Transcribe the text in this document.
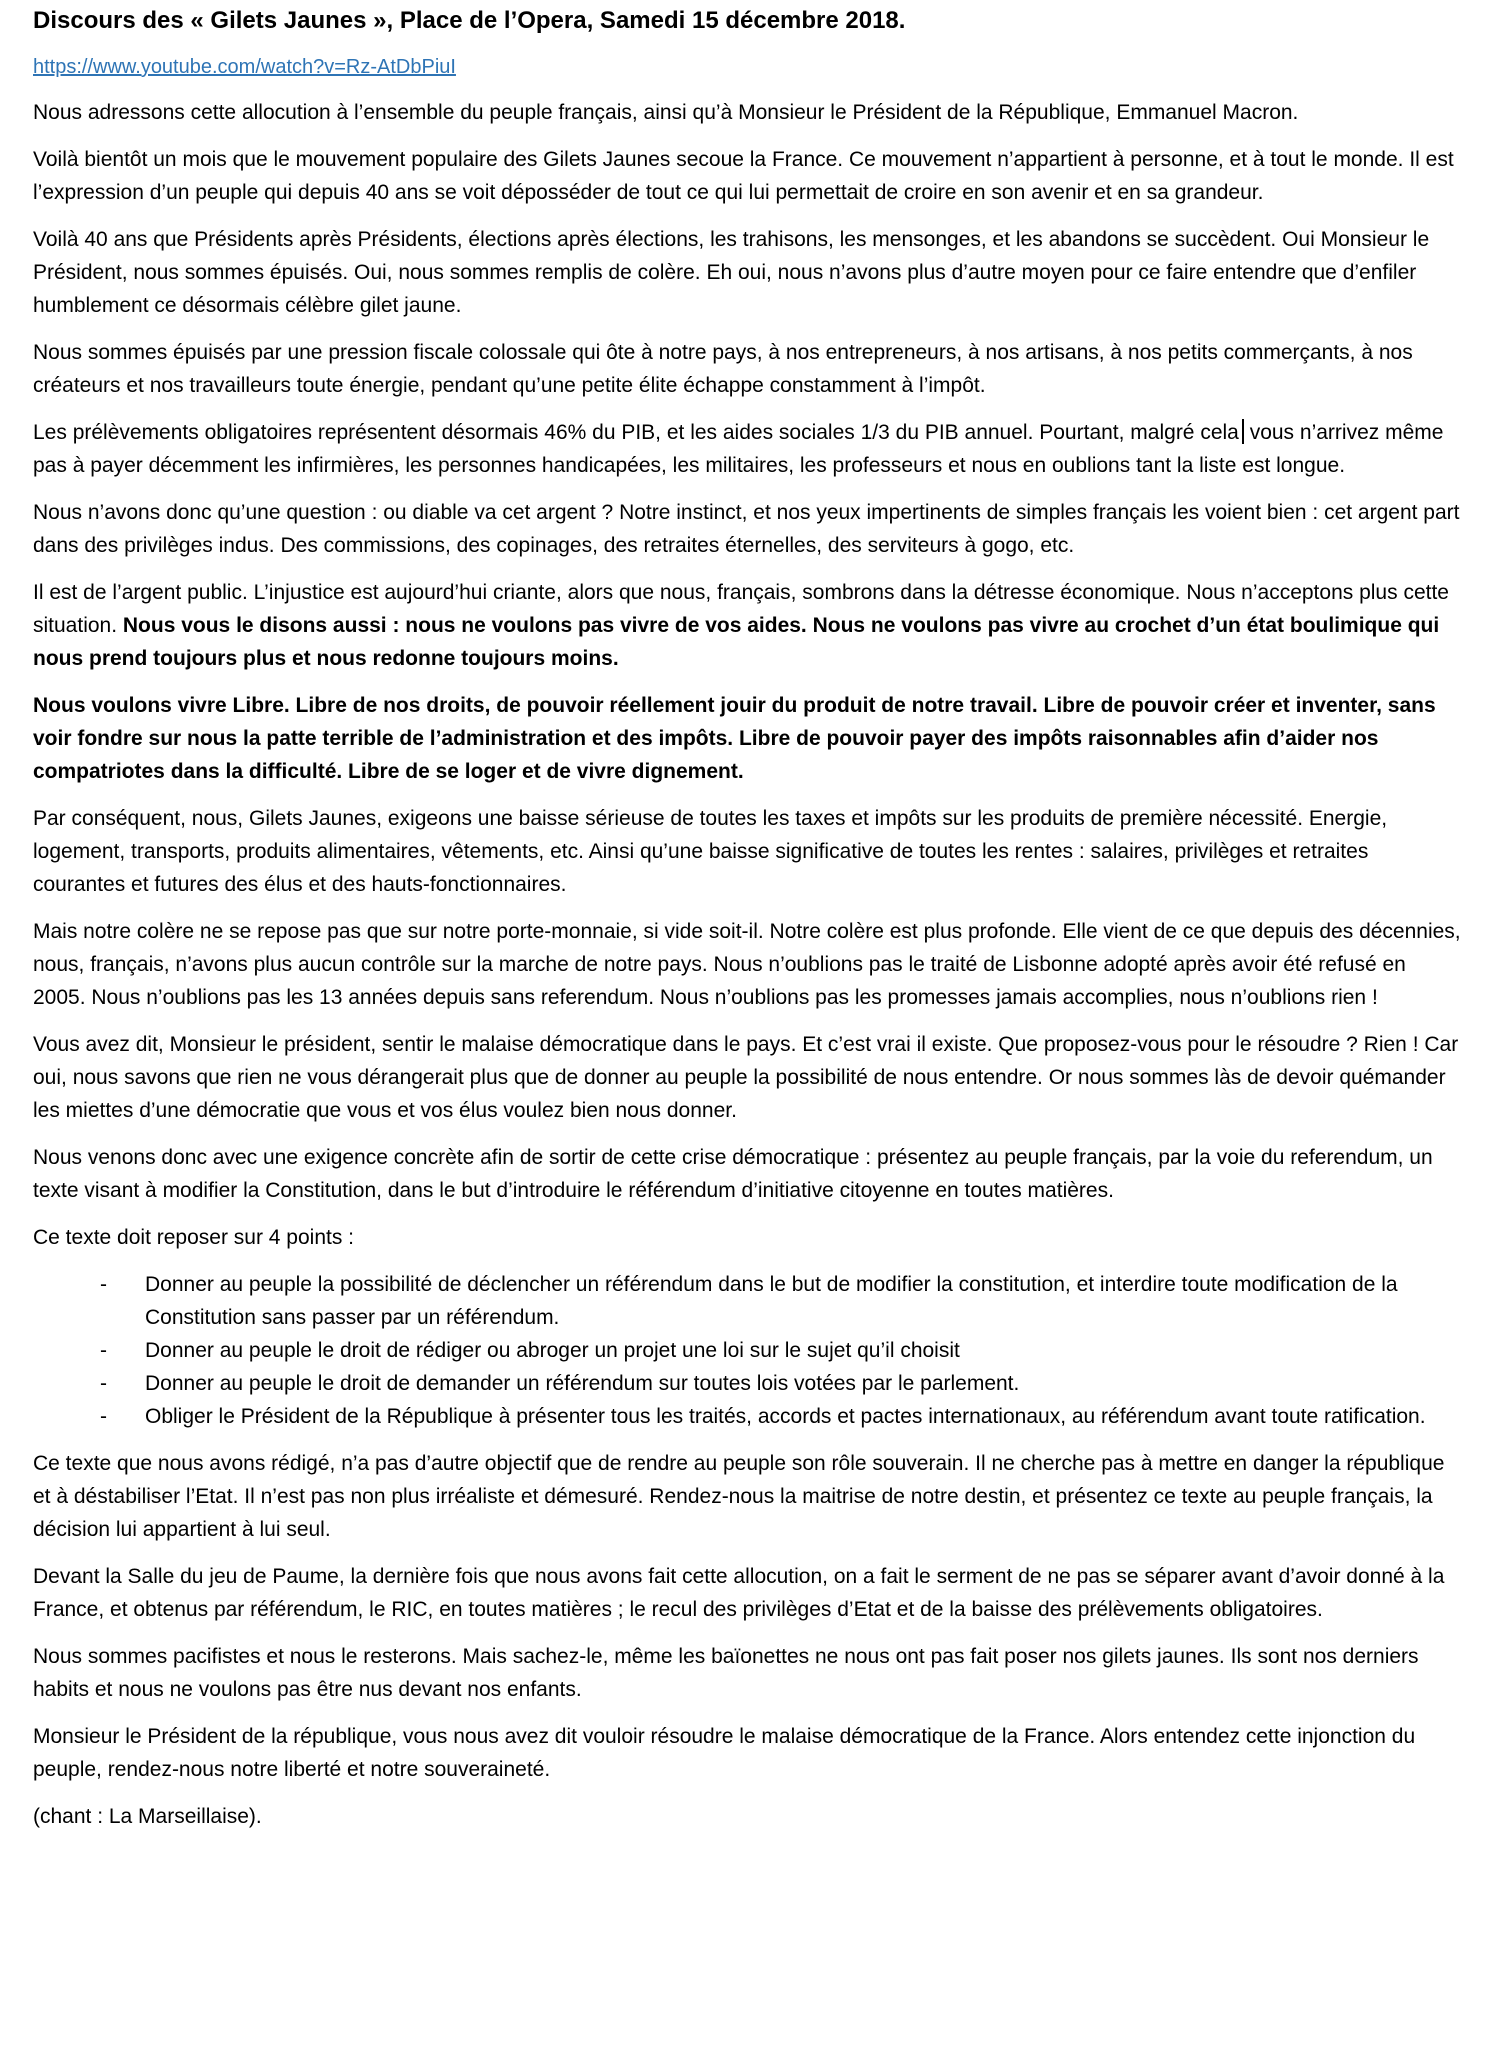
Discours des « Gilets Jaunes », Place de l’Opera, Samedi 15 décembre 2018.
https://www.youtube.com/watch?v=Rz-AtDbPiuI

Nous adressons cette allocution à l’ensemble du peuple français, ainsi qu’à Monsieur le Président de la République, Emmanuel Macron.

Voilà bientôt un mois que le mouvement populaire des Gilets Jaunes secoue la France. Ce mouvement n’appartient à personne, et à tout le monde. Il est l’expression d’un peuple qui depuis 40 ans se voit déposséder de tout ce qui lui permettait de croire en son avenir et en sa grandeur.

Voilà 40 ans que Présidents après Présidents, élections après élections, les trahisons, les mensonges, et les abandons se succèdent. Oui Monsieur le Président, nous sommes épuisés. Oui, nous sommes remplis de colère. Eh oui, nous n’avons plus d’autre moyen pour ce faire entendre que d’enfiler humblement ce désormais célèbre gilet jaune.

Nous sommes épuisés par une pression fiscale colossale qui ôte à notre pays, à nos entrepreneurs, à nos artisans, à nos petits commerçants, à nos créateurs et nos travailleurs toute énergie, pendant qu’une petite élite échappe constamment à l’impôt.

Les prélèvements obligatoires représentent désormais 46% du PIB, et les aides sociales 1/3 du PIB annuel. Pourtant, malgré cela vous n’arrivez même pas à payer décemment les infirmières, les personnes handicapées, les militaires, les professeurs et nous en oublions tant la liste est longue.

Nous n’avons donc qu’une question : ou diable va cet argent ? Notre instinct, et nos yeux impertinents de simples français les voient bien : cet argent part dans des privilèges indus. Des commissions, des copinages, des retraites éternelles, des serviteurs à gogo, etc.

Il est de l’argent public. L’injustice est aujourd’hui criante, alors que nous, français, sombrons dans la détresse économique. Nous n’acceptons plus cette situation. Nous vous le disons aussi : nous ne voulons pas vivre de vos aides. Nous ne voulons pas vivre au crochet d’un état boulimique qui nous prend toujours plus et nous redonne toujours moins.

Nous voulons vivre Libre. Libre de nos droits, de pouvoir réellement jouir du produit de notre travail. Libre de pouvoir créer et inventer, sans voir fondre sur nous la patte terrible de l’administration et des impôts. Libre de pouvoir payer des impôts raisonnables afin d’aider nos compatriotes dans la difficulté. Libre de se loger et de vivre dignement.

Par conséquent, nous, Gilets Jaunes, exigeons une baisse sérieuse de toutes les taxes et impôts sur les produits de première nécessité. Energie, logement, transports, produits alimentaires, vêtements, etc. Ainsi qu’une baisse significative de toutes les rentes : salaires, privilèges et retraites courantes et futures des élus et des hauts-fonctionnaires.

Mais notre colère ne se repose pas que sur notre porte-monnaie, si vide soit-il. Notre colère est plus profonde. Elle vient de ce que depuis des décennies, nous, français, n’avons plus aucun contrôle sur la marche de notre pays. Nous n’oublions pas le traité de Lisbonne adopté après avoir été refusé en 2005. Nous n’oublions pas les 13 années depuis sans referendum. Nous n’oublions pas les promesses jamais accomplies, nous n’oublions rien !

Vous avez dit, Monsieur le président, sentir le malaise démocratique dans le pays. Et c’est vrai il existe. Que proposez-vous pour le résoudre ? Rien ! Car oui, nous savons que rien ne vous dérangerait plus que de donner au peuple la possibilité de nous entendre. Or nous sommes làs de devoir quémander les miettes d’une démocratie que vous et vos élus voulez bien nous donner.

Nous venons donc avec une exigence concrète afin de sortir de cette crise démocratique : présentez au peuple français, par la voie du referendum, un texte visant à modifier la Constitution, dans le but d’introduire le référendum d’initiative citoyenne en toutes matières.

Ce texte doit reposer sur 4 points :

-	Donner au peuple la possibilité de déclencher un référendum dans le but de modifier la constitution, et interdire toute modification de la Constitution sans passer par un référendum.
-	Donner au peuple le droit de rédiger ou abroger un projet une loi sur le sujet qu’il choisit
-	Donner au peuple le droit de demander un référendum sur toutes lois votées par le parlement.
-	Obliger le Président de la République à présenter tous les traités, accords et pactes internationaux, au référendum avant toute ratification.

Ce texte que nous avons rédigé, n’a pas d’autre objectif que de rendre au peuple son rôle souverain. Il ne cherche pas à mettre en danger la république et à déstabiliser l’Etat. Il n’est pas non plus irréaliste et démesuré. Rendez-nous la maitrise de notre destin, et présentez ce texte au peuple français, la décision lui appartient à lui seul.

Devant la Salle du jeu de Paume, la dernière fois que nous avons fait cette allocution, on a fait le serment de ne pas se séparer avant d’avoir donné à la France, et obtenus par référendum, le RIC, en toutes matières ; le recul des privilèges d’Etat et de la baisse des prélèvements obligatoires.

Nous sommes pacifistes et nous le resterons. Mais sachez-le, même les baïonettes ne nous ont pas fait poser nos gilets jaunes. Ils sont nos derniers habits et nous ne voulons pas être nus devant nos enfants.

Monsieur le Président de la république, vous nous avez dit vouloir résoudre le malaise démocratique de la France. Alors entendez cette injonction du peuple, rendez-nous notre liberté et notre souveraineté.

(chant : La Marseillaise).
